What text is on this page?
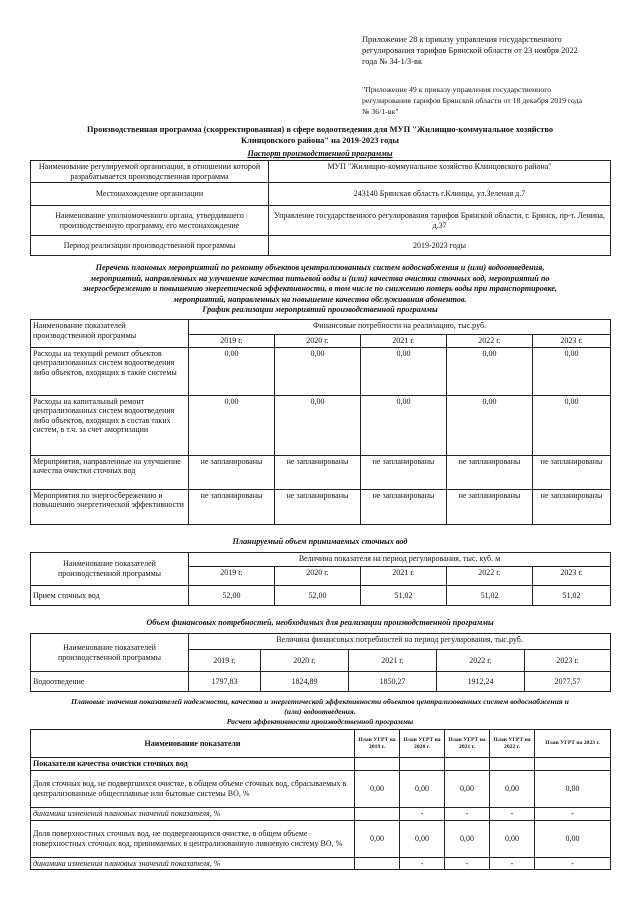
Приложение 28 к приказу управления государственного
регулирования тарифов Брянской области от 23 ноября 2022
года № 34-1/3-вк
"Приложение 49 к приказу управления государственного
регулирования тарифов Брянской области от 18 декабря 2019 года
№ 36/1-вк"
Производственная программа (скорректированная) в сфере водоотведения для МУП "Жилищно-коммунальное хозяйство
Клинцовского района" на 2019-2023 годы
Паспорт производственной программы
Наименование регулируемой организации, в отношении которой разрабатывается производственная программа	МУП "Жилищно-коммунальное хозяйство Клинцовского района"
Местонахождение организации	243140 Брянская область г.Клинцы, ул.Зеленая д.7
Наименование уполномоченного органа, утвердившего производственную программу, его местонахождение	Управление государственного регулирования тарифов Брянской области, г. Брянск, пр-т. Ленина, д.37
Период реализации производственной программы	2019-2023 годы
Перечень плановых мероприятий по ремонту объектов централизованных систем водоснабжения и (или) водоотведения,
мероприятий, направленных на улучшение качества питьевой воды и (или) качества очистки сточных вод, мероприятий по
энергосбережению и повышению энергетической эффективности, в том числе по снижению потерь воды при транспортировке,
мероприятий, направленных на повышение качества обслуживания абонентов.
График реализации мероприятий производственной программы
Наименование показателей производственной программы	Финансовые потребности на реализацию, тыс.руб.				
	2019 г.	2020 г.	2021 г.	2022 г.	2023 г.
Расходы на текущий ремонт объектов централизованных систем водоотведения либо объектов, входящих в такие системы	0,00	0,00	0,00	0,00	0,00
Расходы на капитальный ремонт централизованных систем водоотведения либо объектов, входящих в состав таких систем, в т.ч. за счет амортизации	0,00	0,00	0,00	0,00	0,00
Мероприятия, направленные на улучшение качества очистки сточных вод	не запланированы	не запланированы	не запланированы	не запланированы	не запланированы
Мероприятия по энергосбережению и повышению энергетической эффективности	не запланированы	не запланированы	не запланированы	не запланированы	не запланированы
Планируемый объем принимаемых сточных вод
Наименование показателей производственной программы	Величина показателя на период регулирования, тыс. куб. м				
	2019 г.	2020 г.	2021 г.	2022 г.	2023 г.
Прием сточных вод	52,00	52,00	51,02	51,02	51,02
Объем финансовых потребностей, необходимых для реализации производственной программы
Наименование показателей производственной программы	Величина финансовых потребностей на период регулирования, тыс.руб.				
	2019 г.	2020 г.	2021 г.	2022 г.	2023 г.
Водоотведение	1797,83	1824,89	1850,27	1912,24	2077,57
Плановые значения показателей надежности, качества и энергетической эффективности объектов централизованных систем водоснабжения и
(или) водоотведения.
Расчет эффективности производственной программы
Наименование показатели	План УГРТ на 2019 г.	План УГРТ на 2020 г.	План УГРТ на 2021 г.	План УГРТ на 2022 г.	План УГРТ на 2023 г.
Показатели качества очистки сточных вод					
Доля сточных вод, не подвергшихся очистке, в общем объеме сточных вод, сбрасываемых в централизованные общесплавные или бытовые системы ВО, %	0,00	0,00	0,00	0,00	0,00
динамика изменения плановых значений показателя, %		-	-	-	-
Доля поверхностных сточных вод, не подвергающихся очистке, в общем объеме поверхностных сточных вод, принимаемых в централизованную ливневую систему ВО, %	0,00	0,00	0,00	0,00	0,00
динамика изменения плановых значений показателя, %		-	-	-	-
